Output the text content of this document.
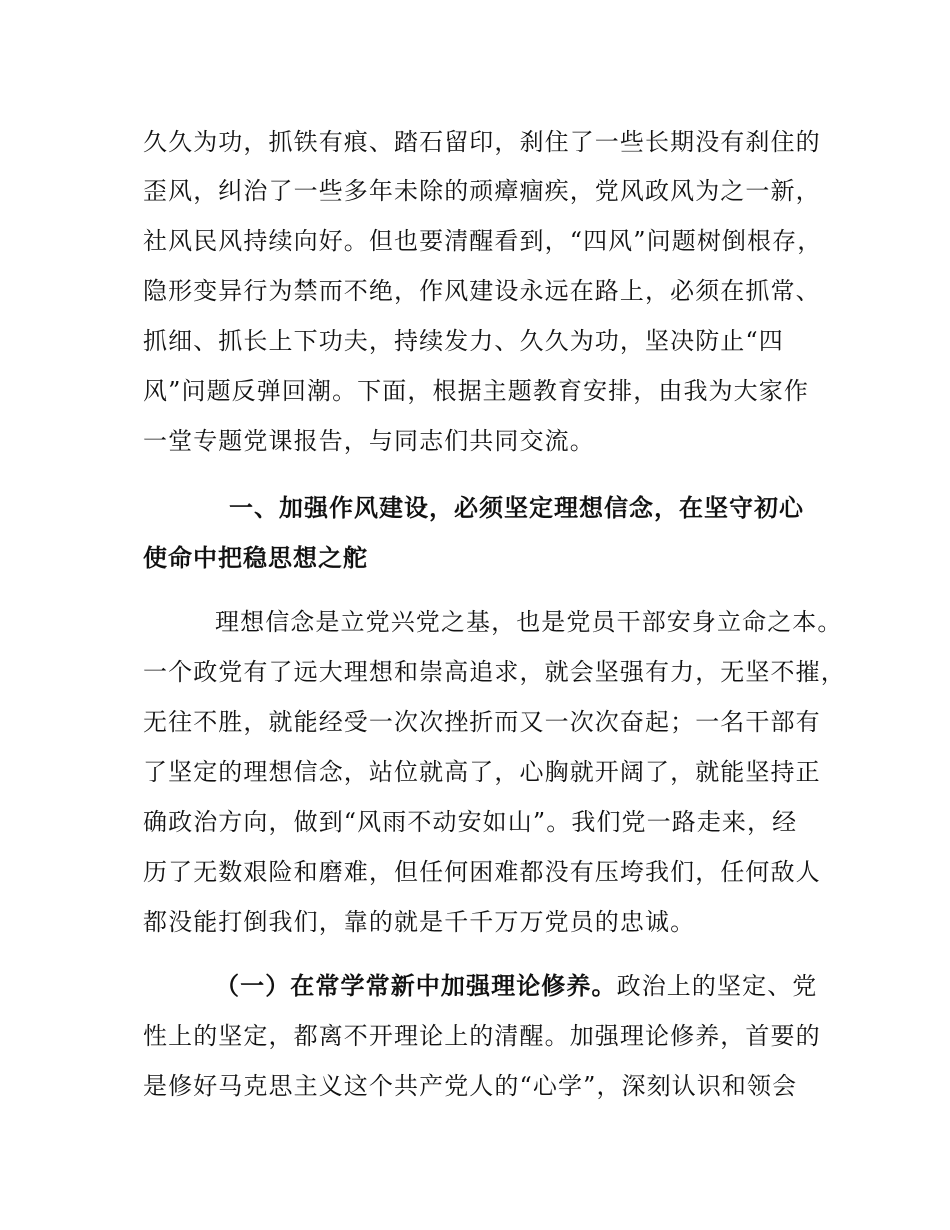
久久为功，抓铁有痕、踏石留印，刹住了一些长期没有刹住的
歪风，纠治了一些多年未除的顽瘴痼疾，党风政风为之一新，
社风民风持续向好。但也要清醒看到，“四风”问题树倒根存，
隐形变异行为禁而不绝，作风建设永远在路上，必须在抓常、
抓细、抓长上下功夫，持续发力、久久为功，坚决防止“四
风”问题反弹回潮。下面，根据主题教育安排，由我为大家作
一堂专题党课报告，与同志们共同交流。
一、加强作风建设，必须坚定理想信念，在坚守初心
使命中把稳思想之舵
理想信念是立党兴党之基，也是党员干部安身立命之本。
一个政党有了远大理想和崇高追求，就会坚强有力，无坚不摧，
无往不胜，就能经受一次次挫折而又一次次奋起；一名干部有
了坚定的理想信念，站位就高了，心胸就开阔了，就能坚持正
确政治方向，做到“风雨不动安如山”。我们党一路走来，经
历了无数艰险和磨难，但任何困难都没有压垮我们，任何敌人
都没能打倒我们，靠的就是千千万万党员的忠诚。
（一）在常学常新中加强理论修养。政治上的坚定、党
性上的坚定，都离不开理论上的清醒。加强理论修养，首要的
是修好马克思主义这个共产党人的“心学”，深刻认识和领会
